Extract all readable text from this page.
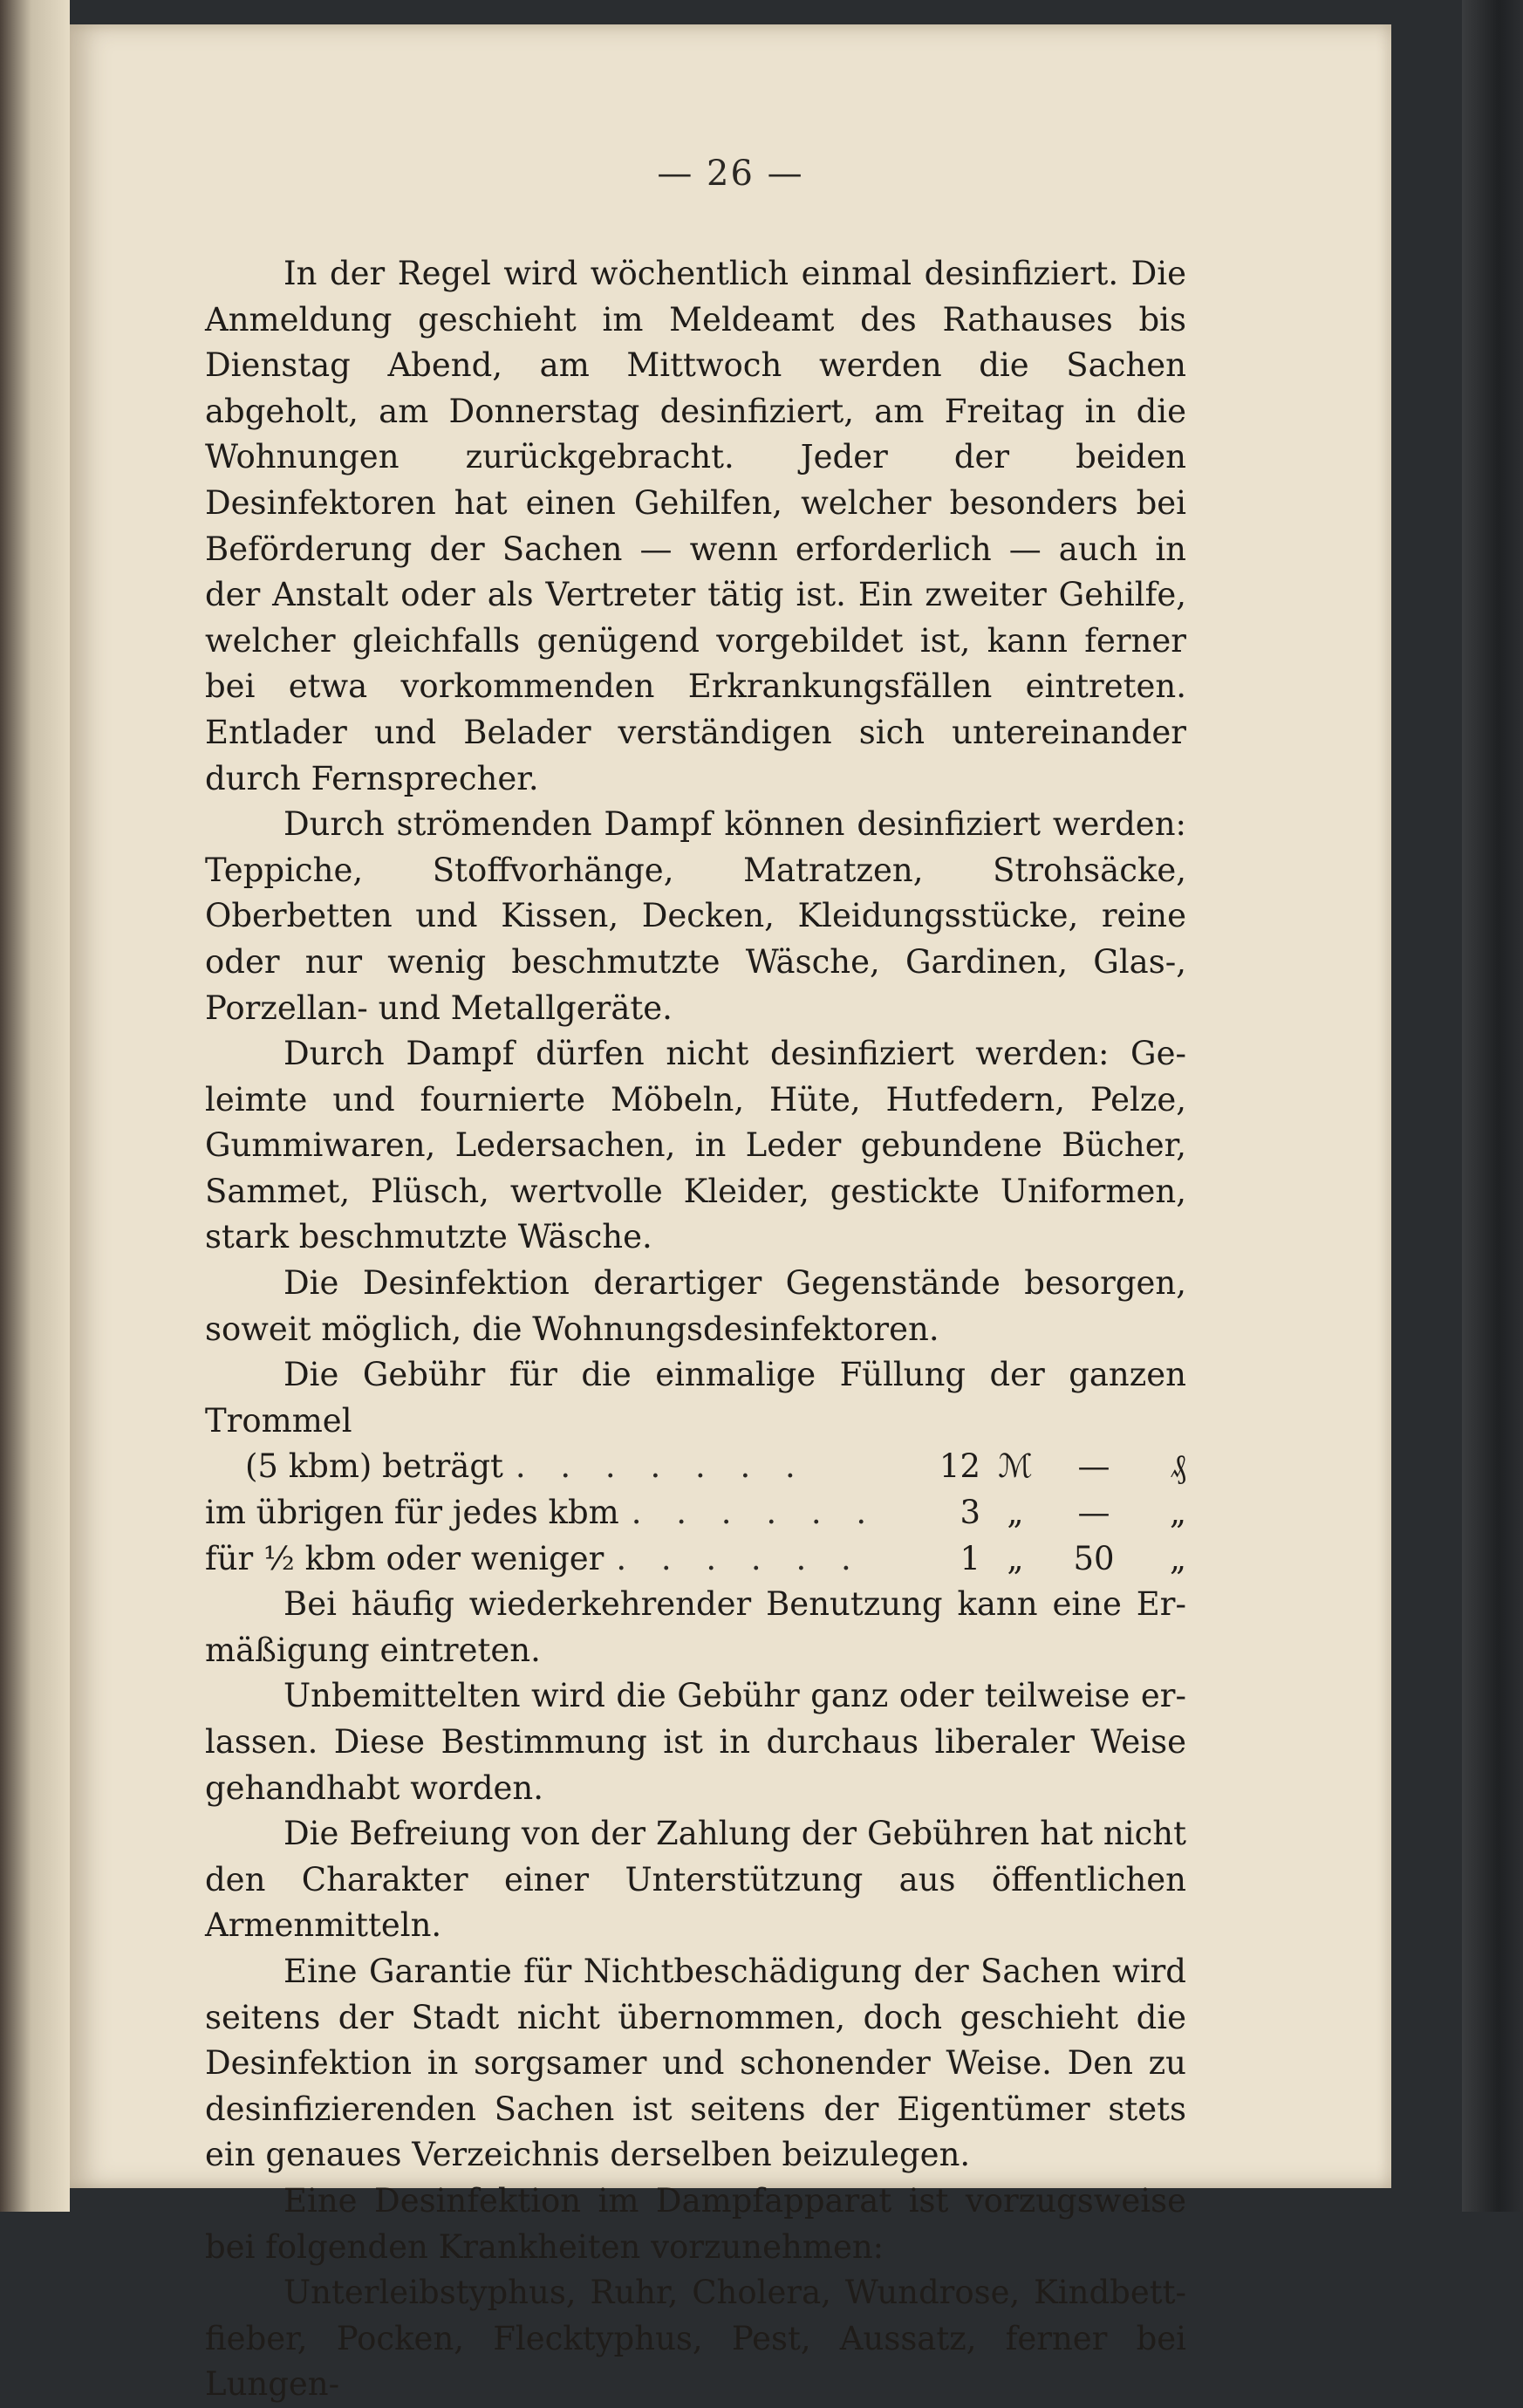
— 26 —

In der Regel wird wöchentlich einmal desinfiziert. Die Anmeldung geschieht im Meldeamt des Rathauses bis Dienstag Abend, am Mittwoch werden die Sachen abgeholt, am Donnerstag desinfiziert, am Freitag in die Wohnungen zurückgebracht. Jeder der beiden Desinfektoren hat einen Gehilfen, welcher besonders bei Beförderung der Sachen — wenn erforderlich — auch in der Anstalt oder als Vertreter tätig ist. Ein zweiter Gehilfe, welcher gleichfalls genügend vorgebildet ist, kann ferner bei etwa vorkommenden Erkrankungsfällen eintreten. Entlader und Belader verständigen sich untereinander durch Fernsprecher.

Durch strömenden Dampf können desinfiziert werden: Teppiche, Stoffvorhänge, Matratzen, Strohsäcke, Oberbetten und Kissen, Decken, Kleidungsstücke, reine oder nur wenig beschmutzte Wäsche, Gardinen, Glas-, Porzellan- und Metallgeräte.

Durch Dampf dürfen nicht desinfiziert werden: Geleimte und fournierte Möbeln, Hüte, Hutfedern, Pelze, Gummiwaren, Ledersachen, in Leder gebundene Bücher, Sammet, Plüsch, wertvolle Kleider, gestickte Uniformen, stark beschmutzte Wäsche.

Die Desinfektion derartiger Gegenstände besorgen, soweit möglich, die Wohnungsdesinfektoren.

Die Gebühr für die einmalige Füllung der ganzen Trommel
(5 kbm) beträgt . . . . . . .	12 ℳ	—	₰
im übrigen für jedes kbm . . . . . .	3 „	—	„
für ½ kbm oder weniger . . . . . .	1 „	50	„

Bei häufig wiederkehrender Benutzung kann eine Ermäßigung eintreten.

Unbemittelten wird die Gebühr ganz oder teilweise erlassen. Diese Bestimmung ist in durchaus liberaler Weise gehandhabt worden.

Die Befreiung von der Zahlung der Gebühren hat nicht den Charakter einer Unterstützung aus öffentlichen Armenmitteln.

Eine Garantie für Nichtbeschädigung der Sachen wird seitens der Stadt nicht übernommen, doch geschieht die Desinfektion in sorgsamer und schonender Weise. Den zu desinfizierenden Sachen ist seitens der Eigentümer stets ein genaues Verzeichnis derselben beizulegen.

Eine Desinfektion im Dampfapparat ist vorzugsweise bei folgenden Krankheiten vorzunehmen:

Unterleibstyphus, Ruhr, Cholera, Wundrose, Kindbettfieber, Pocken, Flecktyphus, Pest, Aussatz, ferner bei Lungen-
